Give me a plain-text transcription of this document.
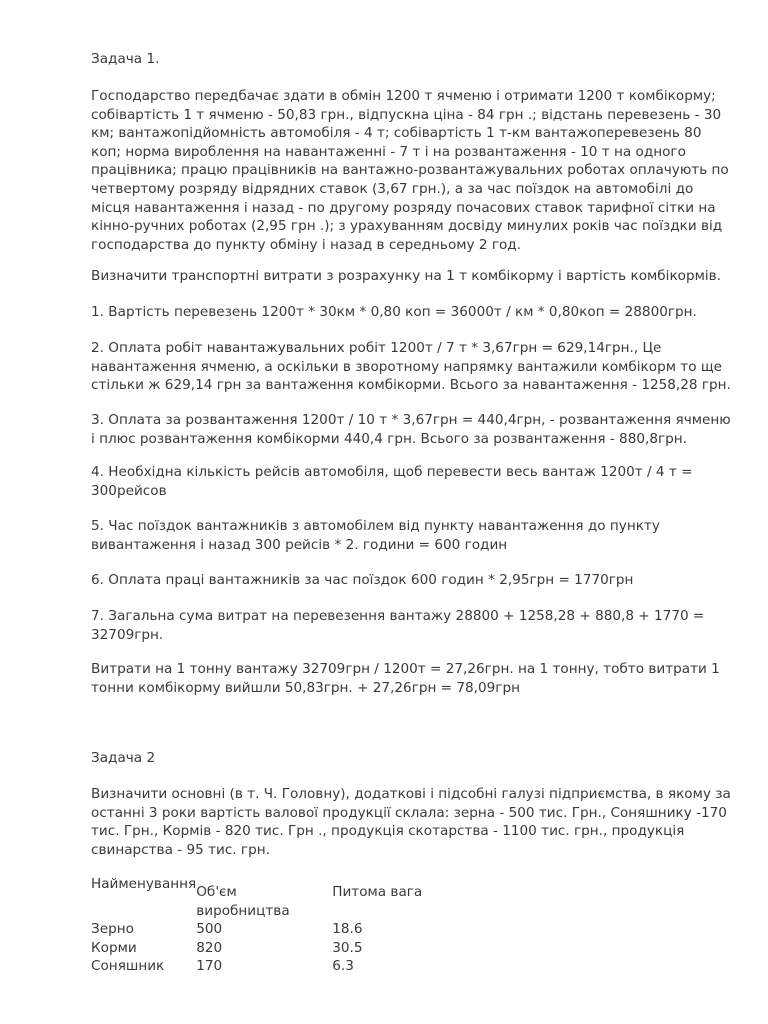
Задача 1.

Господарство передбачає здати в обмін 1200 т ячменю і отримати 1200 т комбікорму; собівартість 1 т ячменю - 50,83 грн., відпускна ціна - 84 грн .; відстань перевезень - 30 км; вантажопідйомність автомобіля - 4 т; собівартість 1 т-км вантажоперевезень 80 коп; норма вироблення на навантаженні - 7 т і на розвантаження - 10 т на одного працівника; працю працівників на вантажно-розвантажувальних роботах оплачують по четвертому розряду відрядних ставок (3,67 грн.), а за час поїздок на автомобілі до місця навантаження і назад - по другому розряду почасових ставок тарифної сітки на кінно-ручних роботах (2,95 грн .); з урахуванням досвіду минулих років час поїздки від господарства до пункту обміну і назад в середньому 2 год.

Визначити транспортні витрати з розрахунку на 1 т комбікорму і вартість комбікормів.

1. Вартість перевезень 1200т * 30км * 0,80 коп = 36000т / км * 0,80коп = 28800грн.

2. Оплата робіт навантажувальних робіт 1200т / 7 т * 3,67грн = 629,14грн., Це навантаження ячменю, а оскільки в зворотному напрямку вантажили комбікорм то ще стільки ж 629,14 грн за вантаження комбікорми. Всього за навантаження - 1258,28 грн.

3. Оплата за розвантаження 1200т / 10 т * 3,67грн = 440,4грн, - розвантаження ячменю і плюс розвантаження комбікорми 440,4 грн. Всього за розвантаження - 880,8грн.

4. Необхідна кількість рейсів автомобіля, щоб перевести весь вантаж 1200т / 4 т = 300рейсов

5. Час поїздок вантажників з автомобілем від пункту навантаження до пункту вивантаження і назад 300 рейсів * 2. години = 600 годин

6. Оплата праці вантажників за час поїздок 600 годин * 2,95грн = 1770грн

7. Загальна сума витрат на перевезення вантажу 28800 + 1258,28 + 880,8 + 1770 = 32709грн.

Витрати на 1 тонну вантажу 32709грн / 1200т = 27,26грн. на 1 тонну, тобто витрати 1 тонни комбікорму вийшли 50,83грн. + 27,26грн = 78,09грн

Задача 2

Визначити основні (в т. Ч. Головну), додаткові і підсобні галузі підприємства, в якому за останні 3 роки вартість валової продукції склала: зерна - 500 тис. Грн., Соняшнику -170 тис. Грн., Кормів - 820 тис. Грн ., продукція скотарства - 1100 тис. грн., продукція свинарства - 95 тис. грн.

Найменування	Об'єм виробництва	Питома вага
Зерно	500	18.6
Корми	820	30.5
Соняшник	170	6.3
